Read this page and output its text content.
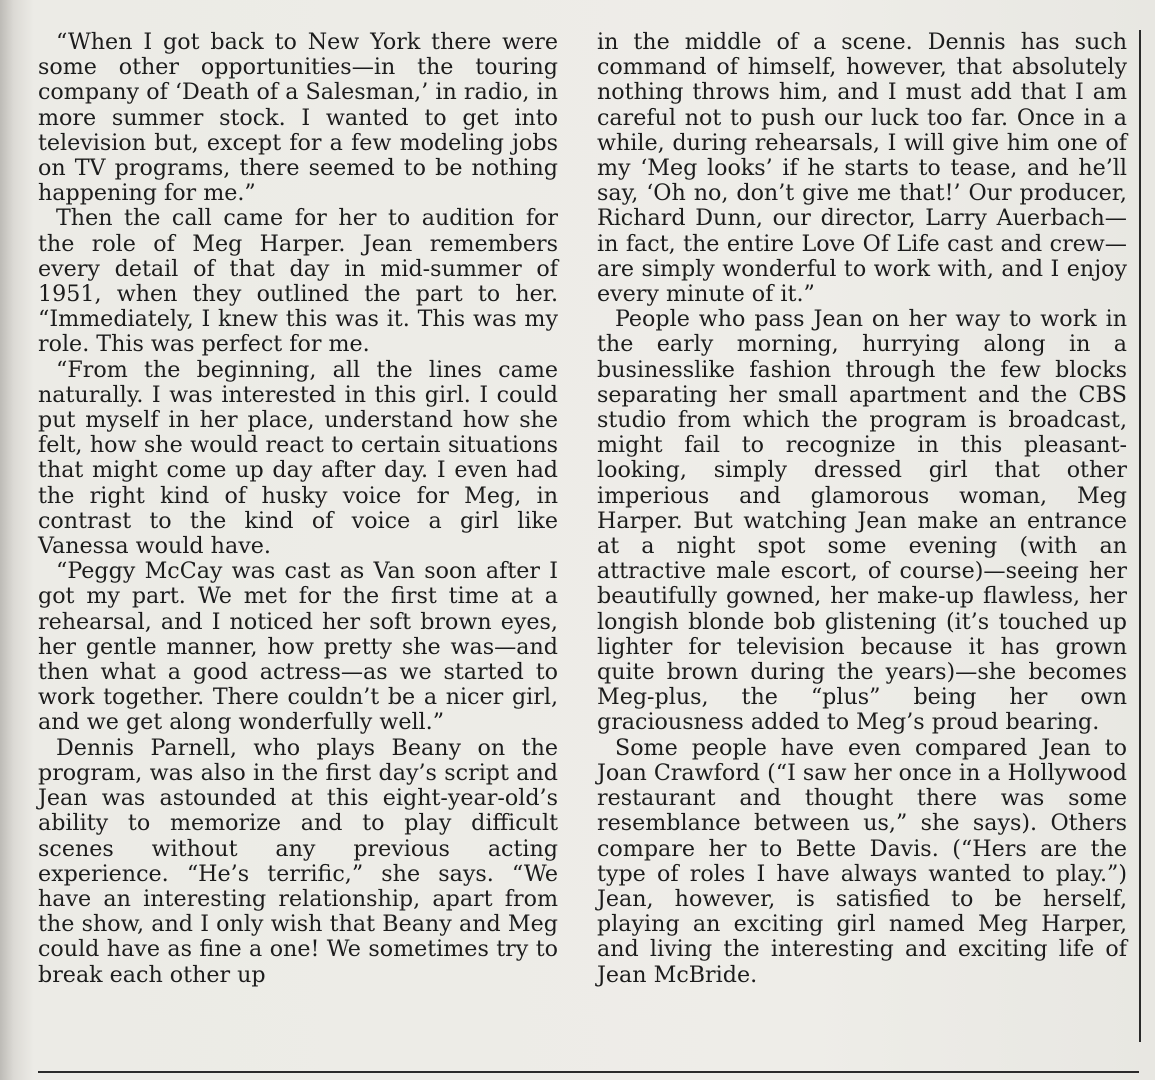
“When I got back to New York there were some other opportunities—in the touring company of ‘Death of a Salesman,’ in radio, in more summer stock. I wanted to get into television but, except for a few modeling jobs on TV programs, there seemed to be nothing happening for me.”

Then the call came for her to audition for the role of Meg Harper. Jean remembers every detail of that day in mid-summer of 1951, when they outlined the part to her. “Immediately, I knew this was it. This was my role. This was perfect for me.

“From the beginning, all the lines came naturally. I was interested in this girl. I could put myself in her place, understand how she felt, how she would react to certain situations that might come up day after day. I even had the right kind of husky voice for Meg, in contrast to the kind of voice a girl like Vanessa would have.

“Peggy McCay was cast as Van soon after I got my part. We met for the first time at a rehearsal, and I noticed her soft brown eyes, her gentle manner, how pretty she was—and then what a good actress—as we started to work together. There couldn’t be a nicer girl, and we get along wonderfully well.”

Dennis Parnell, who plays Beany on the program, was also in the first day’s script and Jean was astounded at this eight-year-old’s ability to memorize and to play difficult scenes without any previous acting experience. “He’s terrific,” she says. “We have an interesting relationship, apart from the show, and I only wish that Beany and Meg could have as fine a one! We sometimes try to break each other up

in the middle of a scene. Dennis has such command of himself, however, that absolutely nothing throws him, and I must add that I am careful not to push our luck too far. Once in a while, during rehearsals, I will give him one of my ‘Meg looks’ if he starts to tease, and he’ll say, ‘Oh no, don’t give me that!’ Our producer, Richard Dunn, our director, Larry Auerbach—in fact, the entire Love Of Life cast and crew—are simply wonderful to work with, and I enjoy every minute of it.”

People who pass Jean on her way to work in the early morning, hurrying along in a businesslike fashion through the few blocks separating her small apartment and the CBS studio from which the program is broadcast, might fail to recognize in this pleasant-looking, simply dressed girl that other imperious and glamorous woman, Meg Harper. But watching Jean make an entrance at a night spot some evening (with an attractive male escort, of course)—seeing her beautifully gowned, her make-up flawless, her longish blonde bob glistening (it’s touched up lighter for television because it has grown quite brown during the years)—she becomes Meg-plus, the “plus” being her own graciousness added to Meg’s proud bearing.

Some people have even compared Jean to Joan Crawford (“I saw her once in a Hollywood restaurant and thought there was some resemblance between us,” she says). Others compare her to Bette Davis. (“Hers are the type of roles I have always wanted to play.”) Jean, however, is satisfied to be herself, playing an exciting girl named Meg Harper, and living the interesting and exciting life of Jean McBride.
